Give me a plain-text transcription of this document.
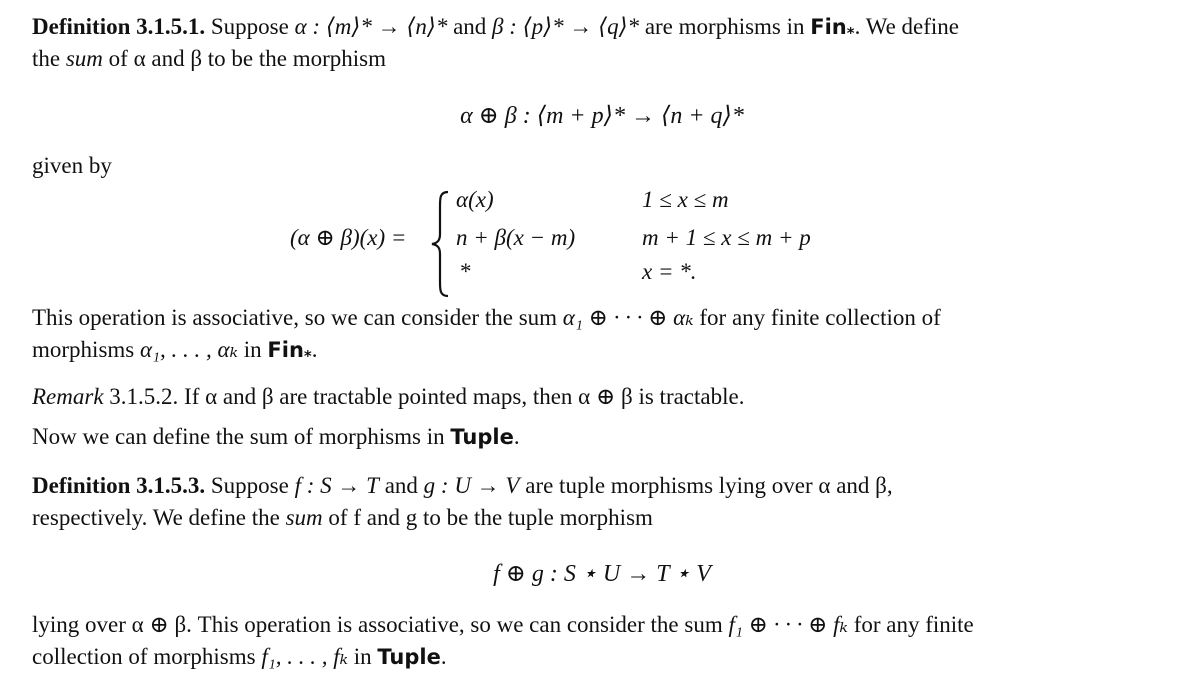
Definition 3.1.5.1. Suppose α : ⟨m⟩* → ⟨n⟩* and β : ⟨p⟩* → ⟨q⟩* are morphisms in Fin$_*$. We define
the sum of α and β to be the morphism
α ⊕ β : ⟨m + p⟩* → ⟨n + q⟩*
given by
(α ⊕ β)(x) =
α(x)	1 ≤ x ≤ m
n + β(x − m)	m + 1 ≤ x ≤ m + p
*	x = *.
This operation is associative, so we can consider the sum α₁ ⊕ · · · ⊕ αₖ for any finite collection of
morphisms α₁, . . . , αₖ in Fin$_*$.
Remark 3.1.5.2. If α and β are tractable pointed maps, then α ⊕ β is tractable.
Now we can define the sum of morphisms in Tuple.
Definition 3.1.5.3. Suppose f : S → T and g : U → V are tuple morphisms lying over α and β,
respectively. We define the sum of f and g to be the tuple morphism
f ⊕ g : S ⋆ U → T ⋆ V
lying over α ⊕ β. This operation is associative, so we can consider the sum f₁ ⊕ · · · ⊕ fₖ for any finite
collection of morphisms f₁, . . . , fₖ in Tuple.
